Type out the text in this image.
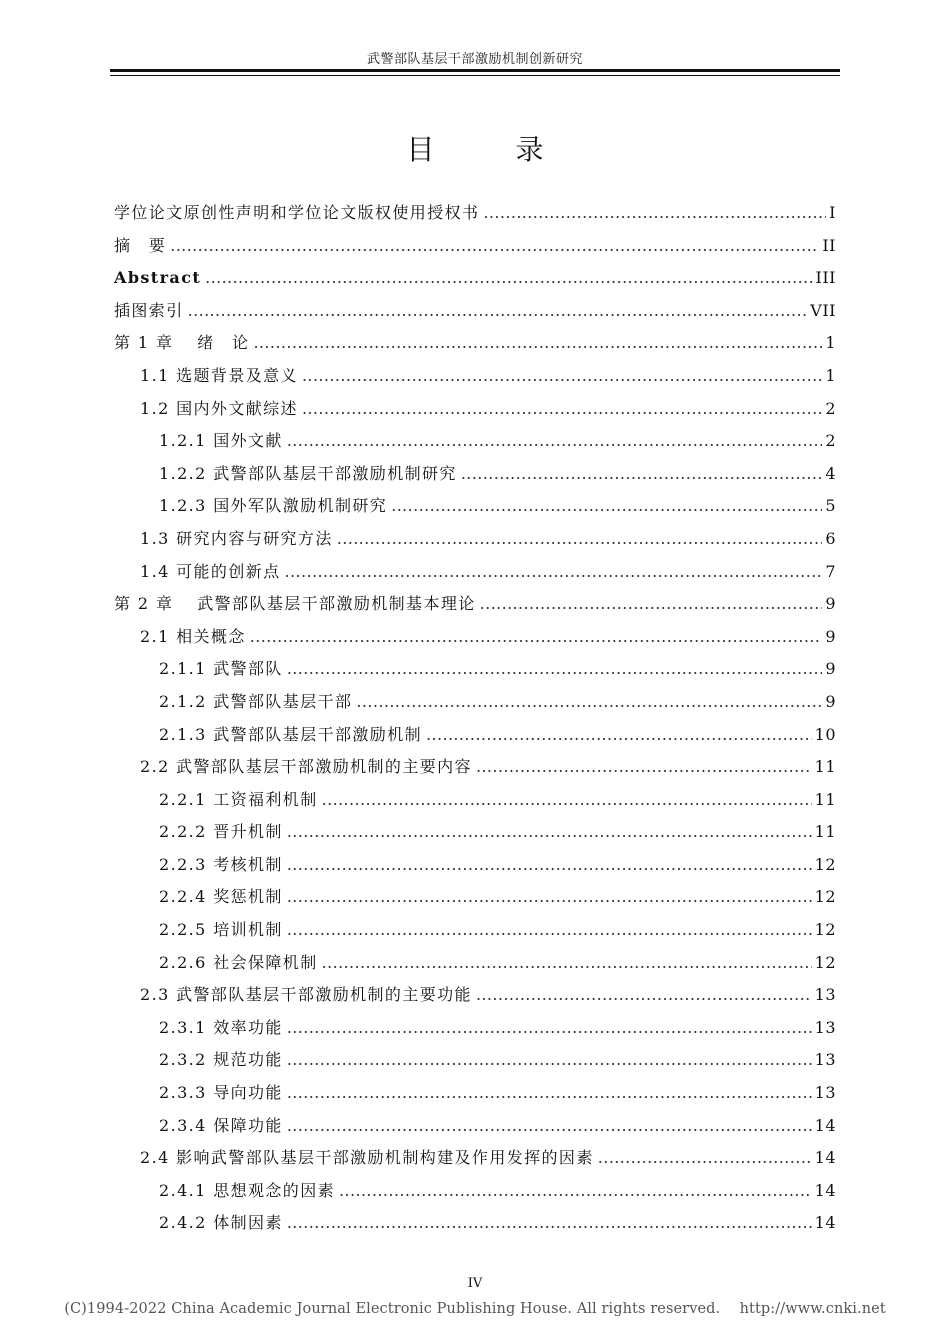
武警部队基层干部激励机制创新研究
目 录
学位论文原创性声明和学位论文版权使用授权书 .....	I
摘　要 .....	II
Abstract .....	III
插图索引 .....	VII
第 1 章　 绪　论 .....	1
1.1 选题背景及意义 .....	1
1.2 国内外文献综述 .....	2
1.2.1 国外文献 .....	2
1.2.2 武警部队基层干部激励机制研究 .....	4
1.2.3 国外军队激励机制研究 .....	5
1.3 研究内容与研究方法 .....	6
1.4 可能的创新点 .....	7
第 2 章　 武警部队基层干部激励机制基本理论 .....	9
2.1 相关概念 .....	9
2.1.1 武警部队 .....	9
2.1.2 武警部队基层干部 .....	9
2.1.3 武警部队基层干部激励机制 .....	10
2.2 武警部队基层干部激励机制的主要内容 .....	11
2.2.1 工资福利机制 .....	11
2.2.2 晋升机制 .....	11
2.2.3 考核机制 .....	12
2.2.4 奖惩机制 .....	12
2.2.5 培训机制 .....	12
2.2.6 社会保障机制 .....	12
2.3 武警部队基层干部激励机制的主要功能 .....	13
2.3.1 效率功能 .....	13
2.3.2 规范功能 .....	13
2.3.3 导向功能 .....	13
2.3.4 保障功能 .....	14
2.4 影响武警部队基层干部激励机制构建及作用发挥的因素 .....	14
2.4.1 思想观念的因素 .....	14
2.4.2 体制因素 .....	14
IV
(C)1994-2022 China Academic Journal Electronic Publishing House. All rights reserved.　 http://www.cnki.net
